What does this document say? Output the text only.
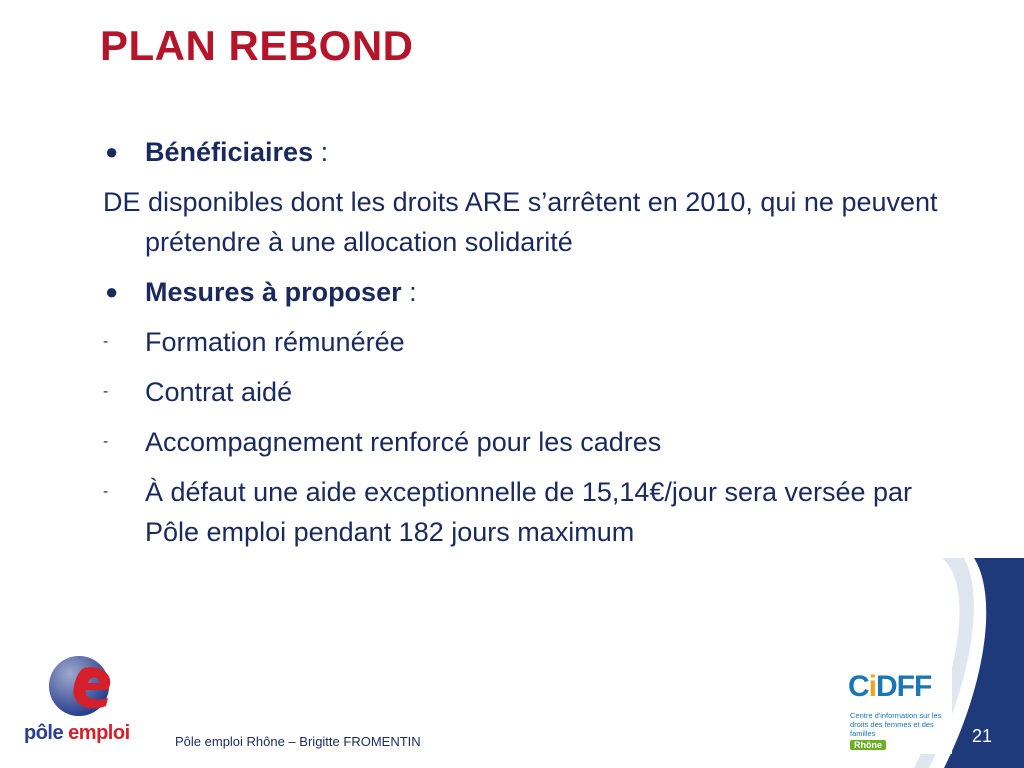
PLAN REBOND
● Bénéficiaires :
DE disponibles dont les droits ARE s’arrêtent en 2010, qui ne peuvent prétendre à une allocation solidarité
● Mesures à proposer :
- Formation rémunérée
- Contrat aidé
- Accompagnement renforcé pour les cadres
- À défaut une aide exceptionnelle de 15,14€/jour sera versée par Pôle emploi pendant 182 jours maximum
pôle emploi	Pôle emploi Rhône – Brigitte FROMENTIN
CiDFF
Centre d'information sur les droits des femmes et des familles
Rhône	21
